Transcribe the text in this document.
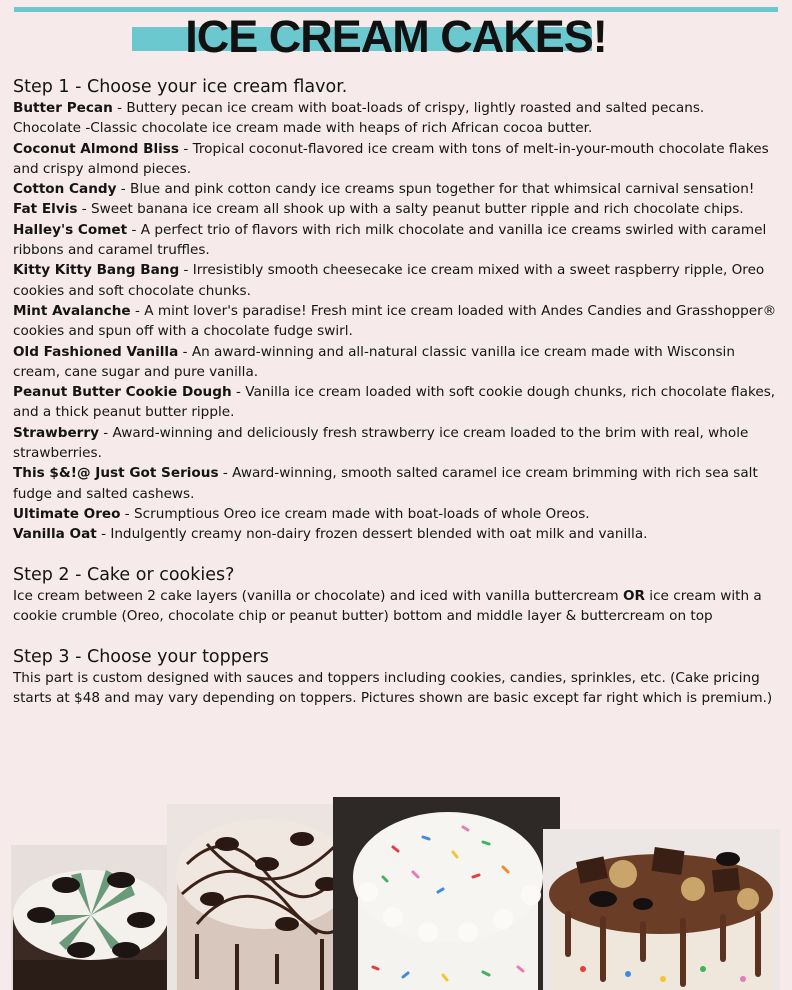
ICE CREAM CAKES!
Step 1 - Choose your ice cream flavor.
Butter Pecan - Buttery pecan ice cream with boat-loads of crispy, lightly roasted and salted pecans.
Chocolate -Classic chocolate ice cream made with heaps of rich African cocoa butter.
Coconut Almond Bliss - Tropical coconut-flavored ice cream with tons of melt-in-your-mouth chocolate flakes and crispy almond pieces.
Cotton Candy - Blue and pink cotton candy ice creams spun together for that whimsical carnival sensation!
Fat Elvis - Sweet banana ice cream all shook up with a salty peanut butter ripple and rich chocolate chips.
Halley's Comet - A perfect trio of flavors with rich milk chocolate and vanilla ice creams swirled with caramel ribbons and caramel truffles.
Kitty Kitty Bang Bang - Irresistibly smooth cheesecake ice cream mixed with a sweet raspberry ripple, Oreo cookies and soft chocolate chunks.
Mint Avalanche - A mint lover's paradise! Fresh mint ice cream loaded with Andes Candies and Grasshopper® cookies and spun off with a chocolate fudge swirl.
Old Fashioned Vanilla - An award-winning and all-natural classic vanilla ice cream made with Wisconsin cream, cane sugar and pure vanilla.
Peanut Butter Cookie Dough - Vanilla ice cream loaded with soft cookie dough chunks, rich chocolate flakes, and a thick peanut butter ripple.
Strawberry - Award-winning and deliciously fresh strawberry ice cream loaded to the brim with real, whole strawberries.
This $&!@ Just Got Serious - Award-winning, smooth salted caramel ice cream brimming with rich sea salt fudge and salted cashews.
Ultimate Oreo - Scrumptious Oreo ice cream made with boat-loads of whole Oreos.
Vanilla Oat - Indulgently creamy non-dairy frozen dessert blended with oat milk and vanilla.
Step 2 - Cake or cookies?

Ice cream between 2 cake layers (vanilla or chocolate) and iced with vanilla buttercream OR ice cream with a cookie crumble (Oreo, chocolate chip or peanut butter) bottom and middle layer & buttercream on top

Step 3 - Choose your toppers

This part is custom designed with sauces and toppers including cookies, candies, sprinkles, etc. (Cake pricing starts at $48 and may vary depending on toppers. Pictures shown are basic except far right which is premium.)
